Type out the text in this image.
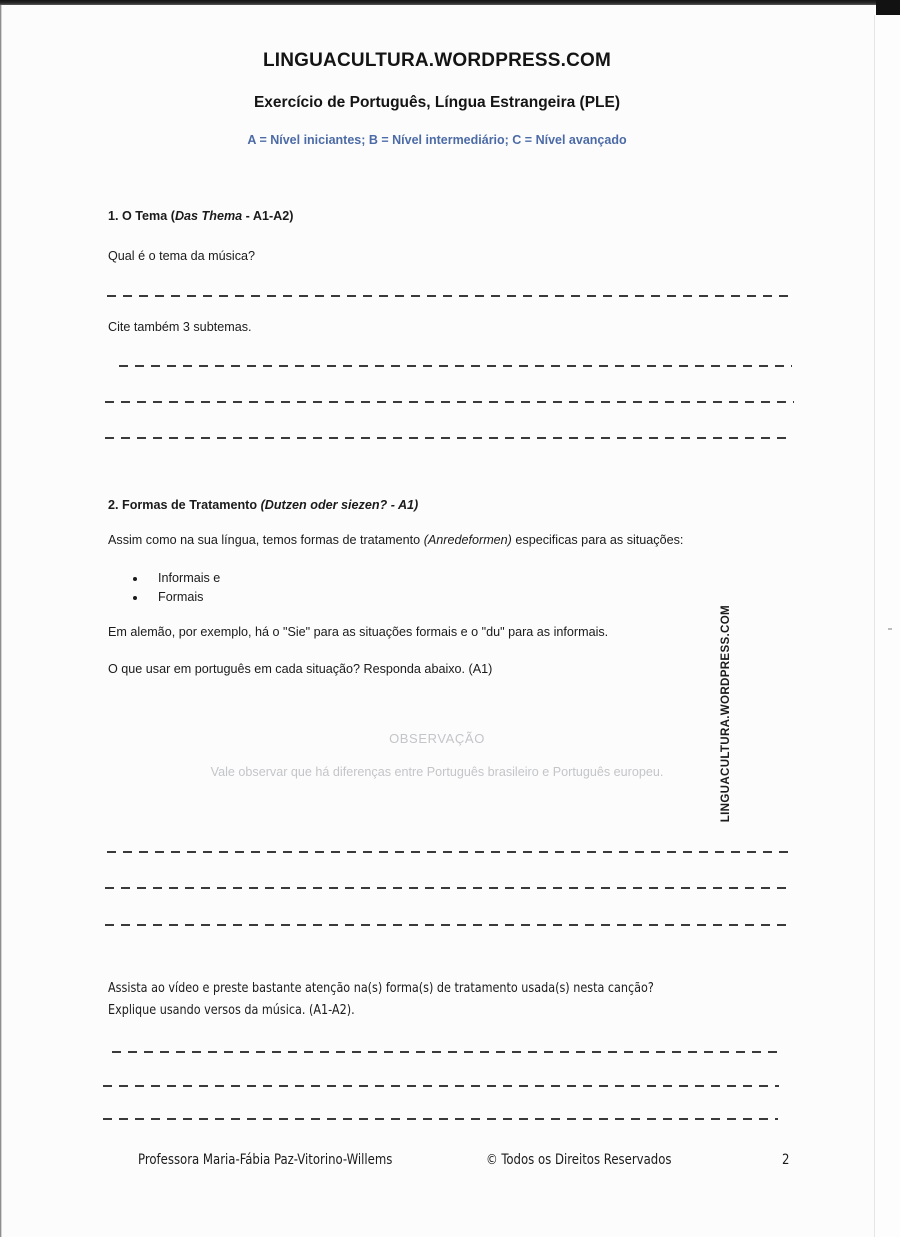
LINGUACULTURA.WORDPRESS.COM
Exercício de Português, Língua Estrangeira (PLE)
A = Nível iniciantes; B = Nível intermediário; C = Nível avançado
1. O Tema (Das Thema - A1-A2)
Qual é o tema da música?
Cite também 3 subtemas.
2. Formas de Tratamento (Dutzen oder siezen? - A1)
Assim como na sua língua, temos formas de tratamento (Anredeformen) especificas para as situações:
Informais e
Formais
Em alemão, por exemplo, há o "Sie" para as situações formais e o "du" para as informais.
O que usar em português em cada situação? Responda abaixo. (A1)
OBSERVAÇÃO
Vale observar que há diferenças entre Português brasileiro e Português europeu.
Assista ao vídeo e preste bastante atenção na(s) forma(s) de tratamento usada(s) nesta canção?
Explique usando versos da música. (A1-A2).
LINGUACULTURA.WORDPRESS.COM
Professora Maria-Fábia Paz-Vitorino-Willems	© Todos os Direitos Reservados	2
